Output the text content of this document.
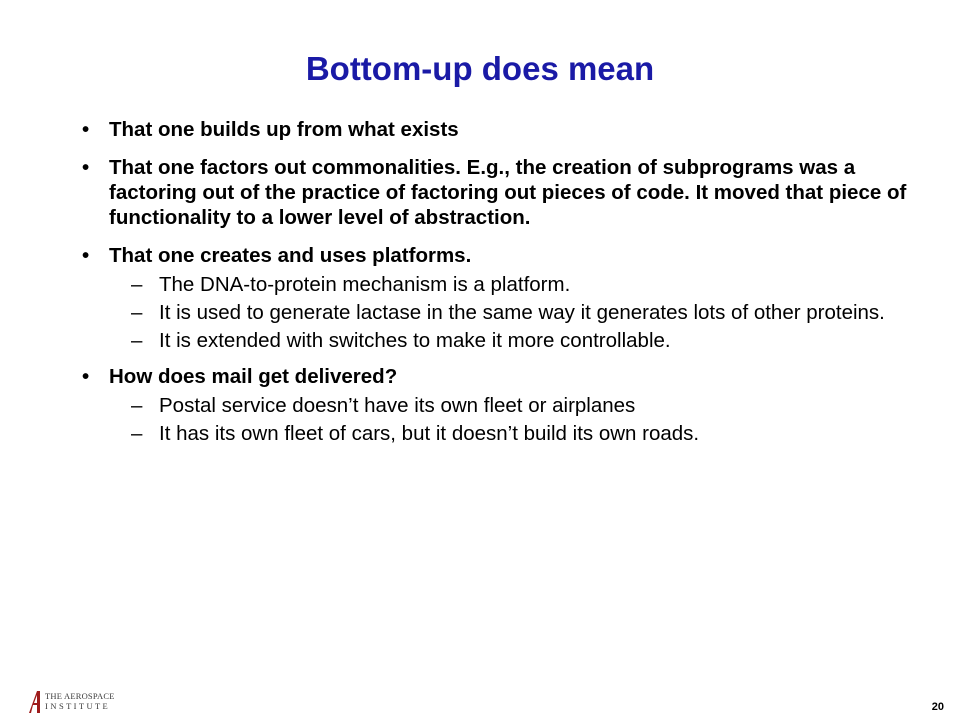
Bottom-up does mean
• That one builds up from what exists
• That one factors out commonalities. E.g., the creation of subprograms was a factoring out of the practice of factoring out pieces of code. It moved that piece of functionality to a lower level of abstraction.
• That one creates and uses platforms.
– The DNA-to-protein mechanism is a platform.
– It is used to generate lactase in the same way it generates lots of other proteins.
– It is extended with switches to make it more controllable.
• How does mail get delivered?
– Postal service doesn’t have its own fleet or airplanes
– It has its own fleet of cars, but it doesn’t build its own roads.
THE AEROSPACE
I N S T I T U T E	20
